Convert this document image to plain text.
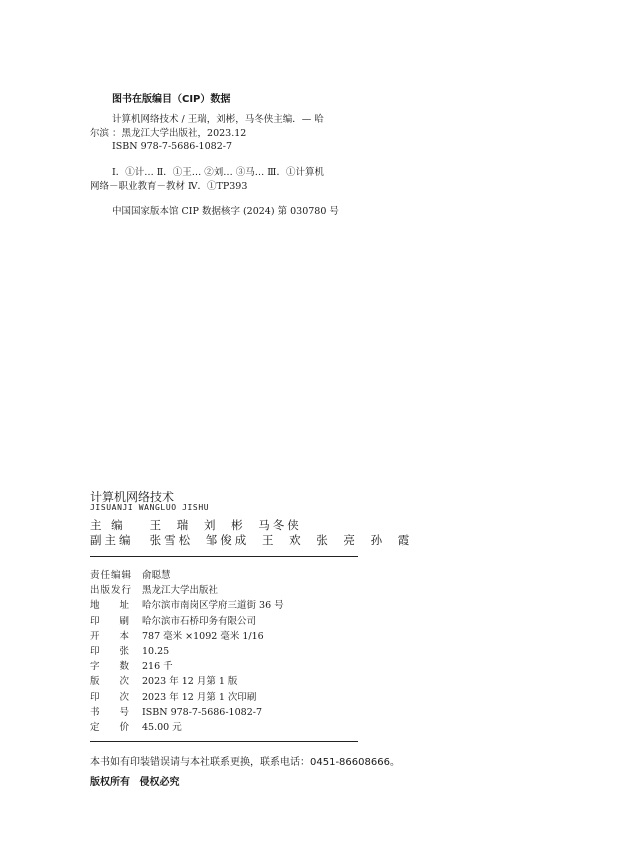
图书在版编目（CIP）数据
计算机网络技术 / 王瑞，刘彬，马冬侠主编．— 哈
尔滨 ：黑龙江大学出版社，2023.12
ISBN 978-7-5686-1082-7
Ⅰ．①计… Ⅱ．①王… ②刘… ③马… Ⅲ．①计算机
网络－职业教育－教材 Ⅳ．①TP393
中国国家版本馆 CIP 数据核字 (2024) 第 030780 号
计算机网络技术
JISUANJI WANGLUO JISHU
主 编 王 瑞 刘 彬 马冬侠
副主编 张雪松 邹俊成 王 欢 张 亮 孙 霞
责任编辑	俞聪慧
出版发行	黑龙江大学出版社
地 址 哈尔滨市南岗区学府三道街 36 号
印 刷 哈尔滨市石桥印务有限公司
开 本 787 毫米 ×1092 毫米 1/16
印 张 10.25
字 数 216 千
版 次 2023 年 12 月第 1 版
印 次 2023 年 12 月第 1 次印刷
书 号 ISBN 978-7-5686-1082-7
定 价 45.00 元
本书如有印装错误请与本社联系更换，联系电话：0451-86608666。
版权所有 侵权必究
